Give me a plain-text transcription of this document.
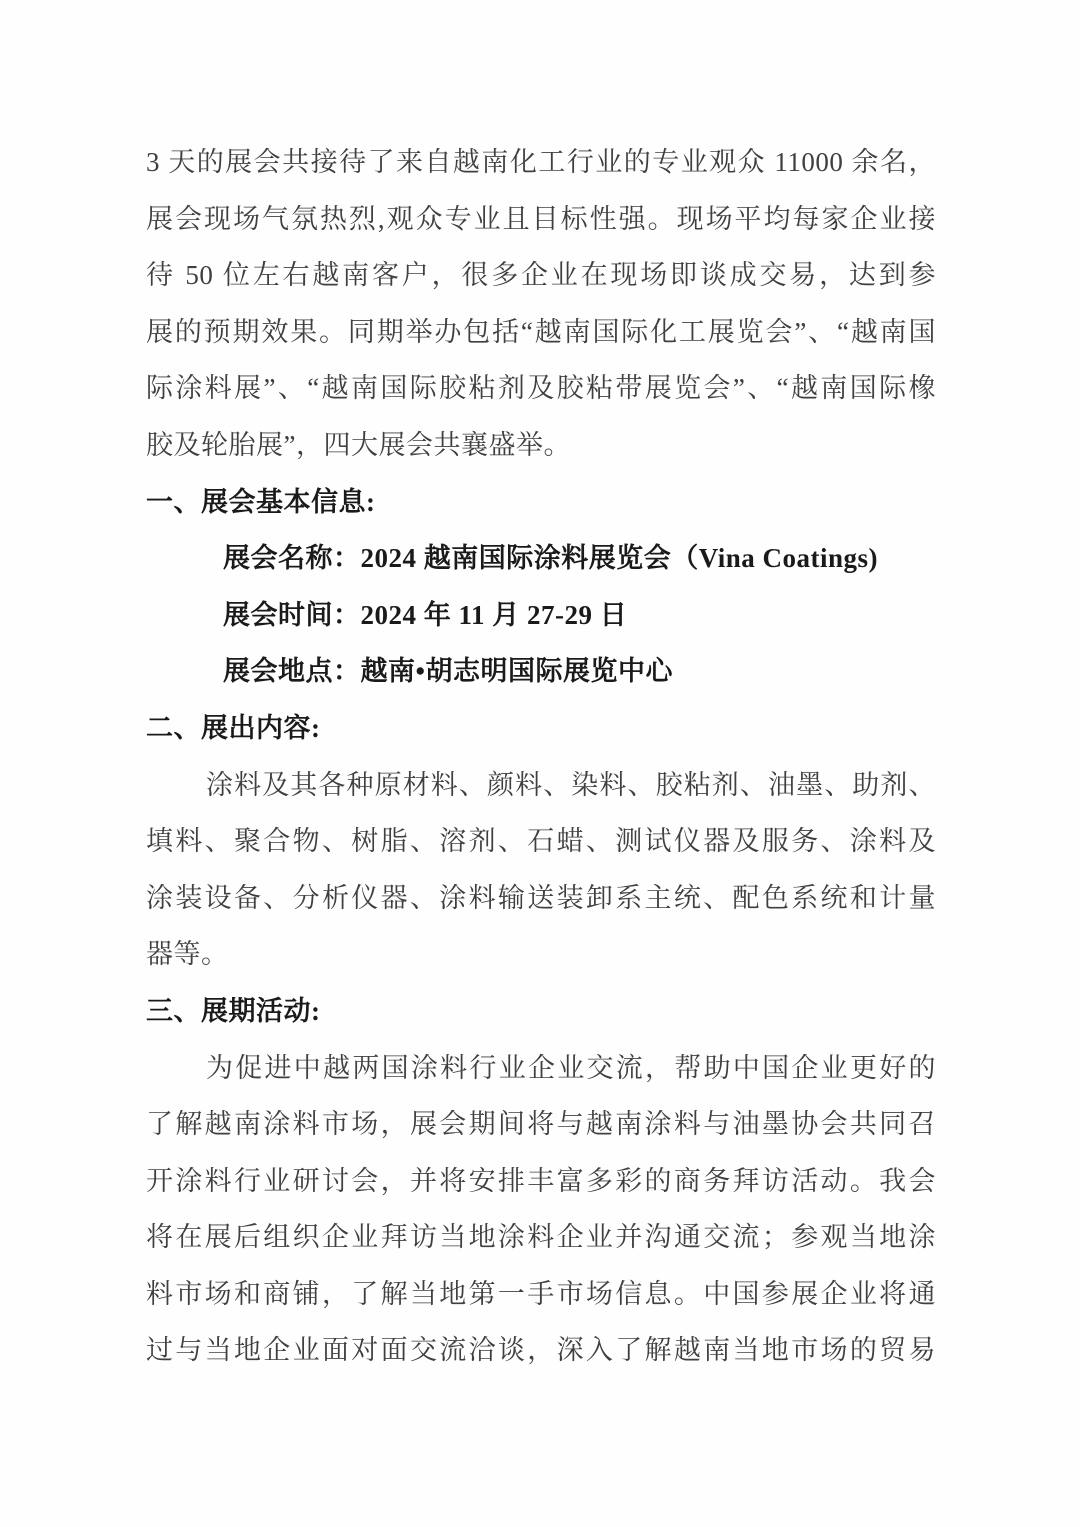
3 天的展会共接待了来自越南化工行业的专业观众 11000 余名，

展会现场气氛热烈,观众专业且目标性强。现场平均每家企业接

待 50 位左右越南客户，很多企业在现场即谈成交易，达到参

展的预期效果。同期举办包括“越南国际化工展览会”、“越南国

际涂料展”、“越南国际胶粘剂及胶粘带展览会”、“越南国际橡

胶及轮胎展”，四大展会共襄盛举。

一、展会基本信息:

展会名称：2024 越南国际涂料展览会（Vina Coatings)

展会时间：2024 年 11 月 27-29 日

展会地点：越南•胡志明国际展览中心

二、展出内容:

涂料及其各种原材料、颜料、染料、胶粘剂、油墨、助剂、

填料、聚合物、树脂、溶剂、石蜡、测试仪器及服务、涂料及

涂装设备、分析仪器、涂料输送装卸系主统、配色系统和计量

器等。

三、展期活动:

为促进中越两国涂料行业企业交流，帮助中国企业更好的

了解越南涂料市场，展会期间将与越南涂料与油墨协会共同召

开涂料行业研讨会，并将安排丰富多彩的商务拜访活动。我会

将在展后组织企业拜访当地涂料企业并沟通交流；参观当地涂

料市场和商铺，了解当地第一手市场信息。中国参展企业将通

过与当地企业面对面交流洽谈，深入了解越南当地市场的贸易
